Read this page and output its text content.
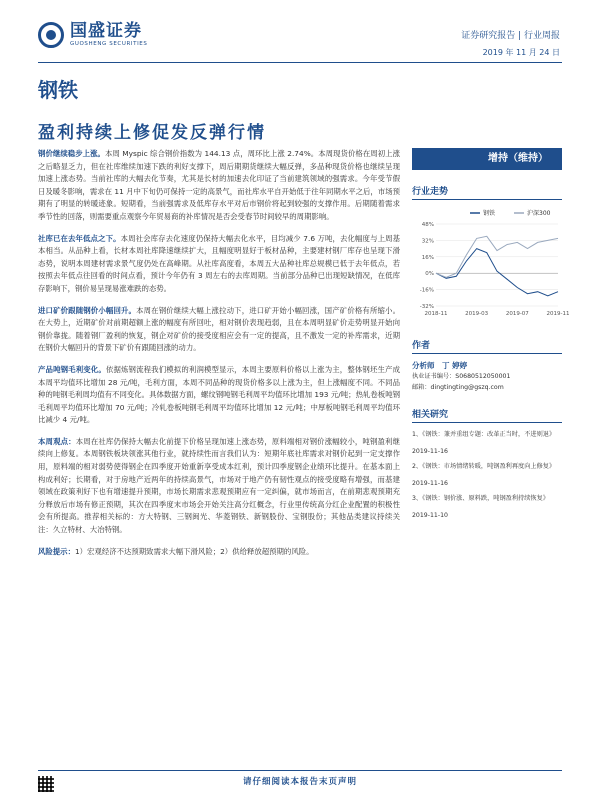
国盛证券
GUOSHENG SECURITIES
证券研究报告 | 行业周报
2019 年 11 月 24 日
钢铁
盈利持续上修促发反弹行情

钢价继续稳步上涨。本周 Myspic 综合钢价指数为 144.13 点，周环比上涨 2.74%。本周现货价格在周初上涨之后略显乏力，但在社库维续加速下跌的利好支撑下，周后期期货继续大幅反弹，多品种现货价格也继续呈现加速上涨态势。当前社库的大幅去化节奏，尤其是长材的加速去化印证了当前建筑领域的强需求。今年受节假日及暖冬影响，需求在 11 月中下旬仍可保持一定的高景气，而社库水平自开始低于往年同期水平之后，市场预期有了明显的转暖迹象。短期看，当前强需求及低库存水平对后市钢价将起到较强的支撑作用。后期随着需求季节性的回落，则需要重点观察今年贸易商的补库情况是否会受春节时间较早的周期影响。

社库已在去年低点之下。本周社会库存去化速度仍保持大幅去化水平，目均减少 7.6 万吨，去化幅度与上周基本相当。从品种上看，长材本周社库降速继续扩大，且幅度明显好于板材品种，主要建材钢厂库存也呈现下滑态势，说明本周建材需求景气度仍处在高峰期。从社库高度看，本周五大品种社库总规模已低于去年低点，若按照去年低点往回看的时间点看，预计今年仍有 3 周左右的去库周期。当前部分品种已出现短缺情况，在低库存影响下，钢价易呈现易涨难跌的态势。

进口矿价跟随钢价小幅回升。本周在钢价继续大幅上涨拉动下，进口矿开始小幅回涨，国产矿价格有所缩小。在大势上，近期矿价对前期超额上涨的幅度有所回吐，相对钢价表现趋弱，且在本周明显矿价走势明显开始向钢价靠拢。随着钢厂盈利的恢复，钢企对矿价的接受度相应会有一定的提高，且不激发一定的补库需求，近期在钢价大幅回升的背景下矿价有跟随回涨的动力。

产品吨钢毛利变化。依据炼钢流程我们模拟的利润模型显示，本周主要原料价格以上涨为主，整体钢坯生产成本周平均值环比增加 28 元/吨，毛利方面，本周不同品种的现货价格多以上涨为主，但上涨幅度不同。不同品种的吨钢毛利周均值有不同变化。具体数据方面，螺纹钢吨钢毛利周平均值环比增加 193 元/吨；热轧卷板吨钢毛利周平均值环比增加 70 元/吨；冷轧卷板吨钢毛利周平均值环比增加 12 元/吨；中厚板吨钢毛利周平均值环比减少 4 元/吨。

本周观点：本周在社库仍保持大幅去化前提下价格呈现加速上涨态势，原料端相对钢价涨幅较小，吨钢盈利继续向上修复。本周钢铁板块领涨其他行业，就持续性而言我们认为：短期年底社库需求对钢价起到一定支撑作用，原料端的相对弱势使得钢企在四季度开始重新享受成本红利，预计四季度钢企业绩环比提升。在基本面上构成利好；长期看，对于房地产近两年的持续高景气，市场对于地产仍有韧性观点的接受度略有增强，而基建领域在政策利好下也有增速提升预期，市场长期需求悲观预期应有一定纠偏，就市场而言，在前期悲观预期充分释放后市场有修正预期，其次在四季度末市场会开始关注高分红概念，行业里传统高分红企业配置的积极性会有所提高。推荐相关标的：方大特钢、三钢闽光、华菱钢铁、新钢股份、宝钢股份；其他品类建议持续关注：久立特材、大冶特钢。

风险提示：1）宏观经济不达预期致需求大幅下滑风险；2）供给释放超预期的风险。

增持（维持）
行业走势
48%
32%
16%
0%
-16%
-32%
2018-11	2019-03	2019-07	2019-11
钢铁	沪深300
作者
分析师　丁 婷婷
执业证书编号：S0680512050001
邮箱：dingtingting@gszq.com
相关研究
1、《钢铁：兼并重组专题：改革正当时，不进则退》
2019-11-16
2、《钢铁：市场情绪转暖，吨钢盈利再度向上修复》
2019-11-16
3、《钢铁：钢价涨、原料跌，吨钢盈利持续恢复》
2019-11-10
请仔细阅读本报告末页声明
